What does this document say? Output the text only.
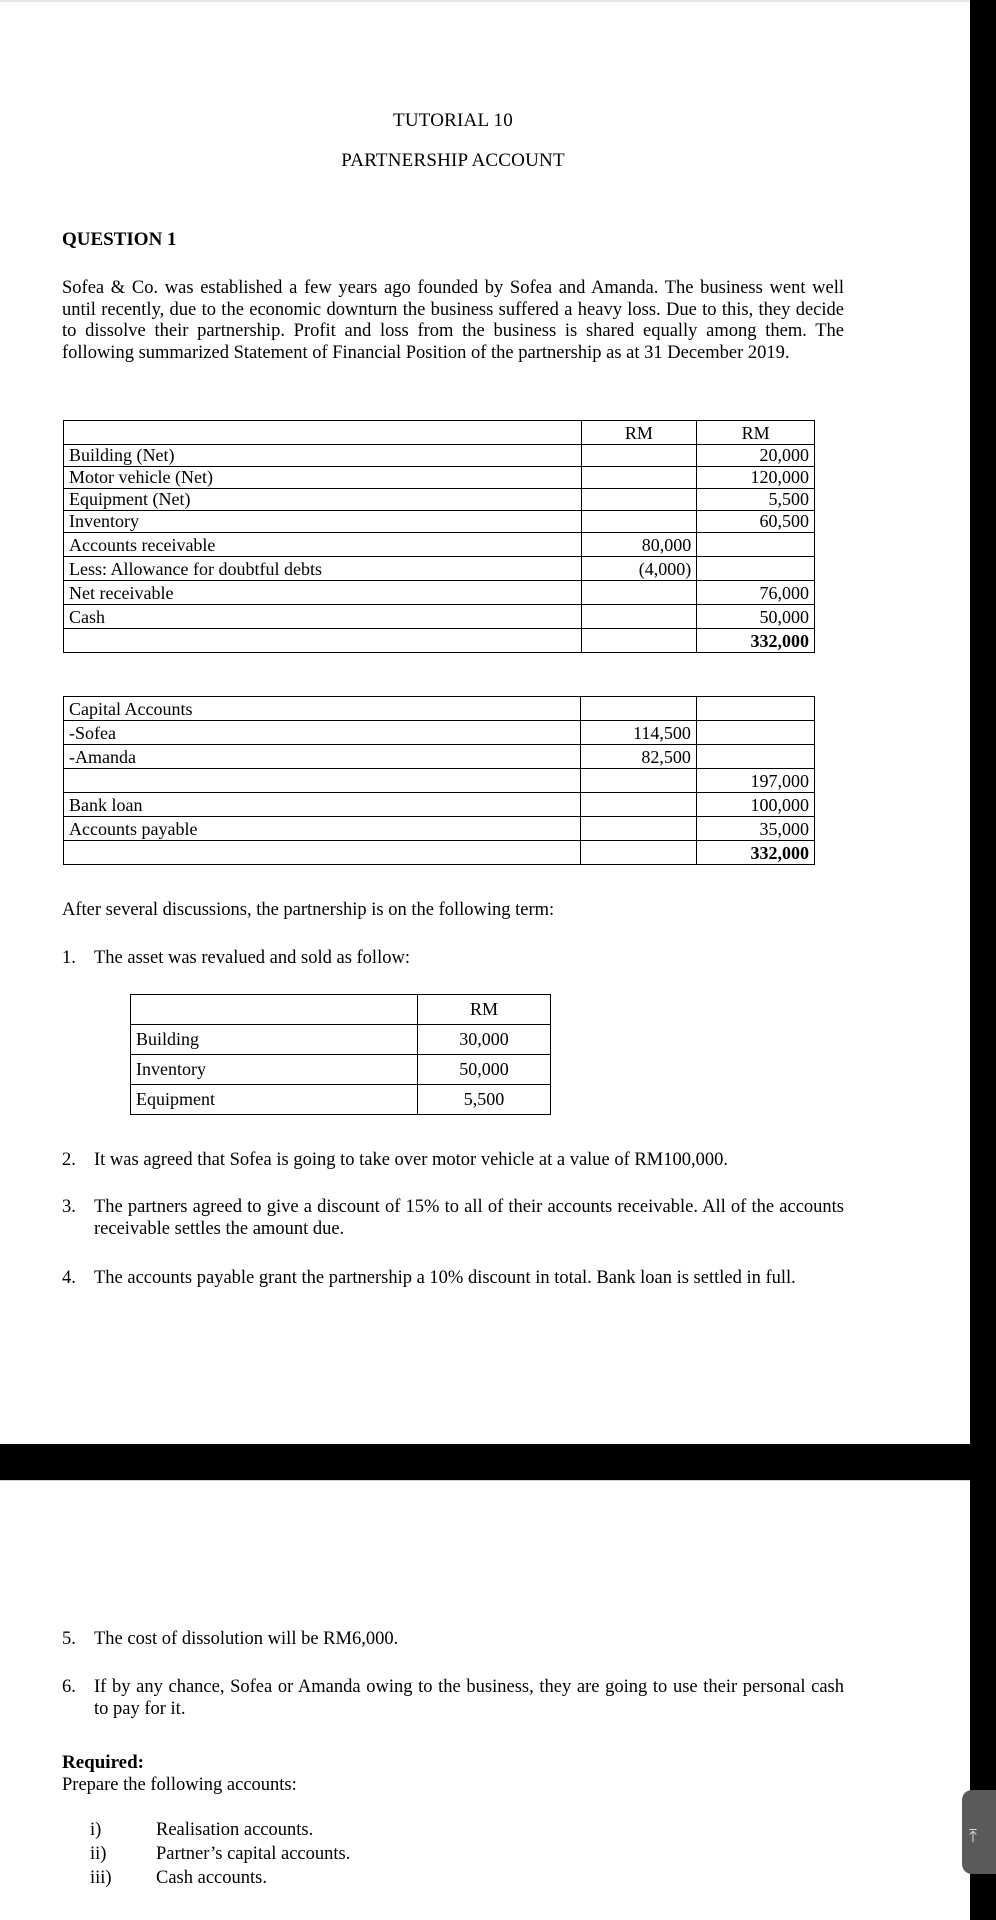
TUTORIAL 10
PARTNERSHIP ACCOUNT
QUESTION 1
Sofea & Co. was established a few years ago founded by Sofea and Amanda. The business went well until recently, due to the economic downturn the business suffered a heavy loss. Due to this, they decide to dissolve their partnership. Profit and loss from the business is shared equally among them. The following summarized Statement of Financial Position of the partnership as at 31 December 2019.
	RM	RM
Building (Net)		20,000
Motor vehicle (Net)		120,000
Equipment (Net)		5,500
Inventory		60,500
Accounts receivable	80,000	
Less: Allowance for doubtful debts	(4,000)	
Net receivable		76,000
Cash		50,000
		332,000
Capital Accounts		
-Sofea	114,500	
-Amanda	82,500	
		197,000
Bank loan		100,000
Accounts payable		35,000
		332,000
After several discussions, the partnership is on the following term:
1. The asset was revalued and sold as follow:
	RM
Building	30,000
Inventory	50,000
Equipment	5,500
2. It was agreed that Sofea is going to take over motor vehicle at a value of RM100,000.
3. The partners agreed to give a discount of 15% to all of their accounts receivable. All of the accounts receivable settles the amount due.
4. The accounts payable grant the partnership a 10% discount in total. Bank loan is settled in full.
5. The cost of dissolution will be RM6,000.
6. If by any chance, Sofea or Amanda owing to the business, they are going to use their personal cash to pay for it.
Required:
Prepare the following accounts:
i)	Realisation accounts.
ii)	Partner’s capital accounts.
iii) Cash accounts.
⤒
